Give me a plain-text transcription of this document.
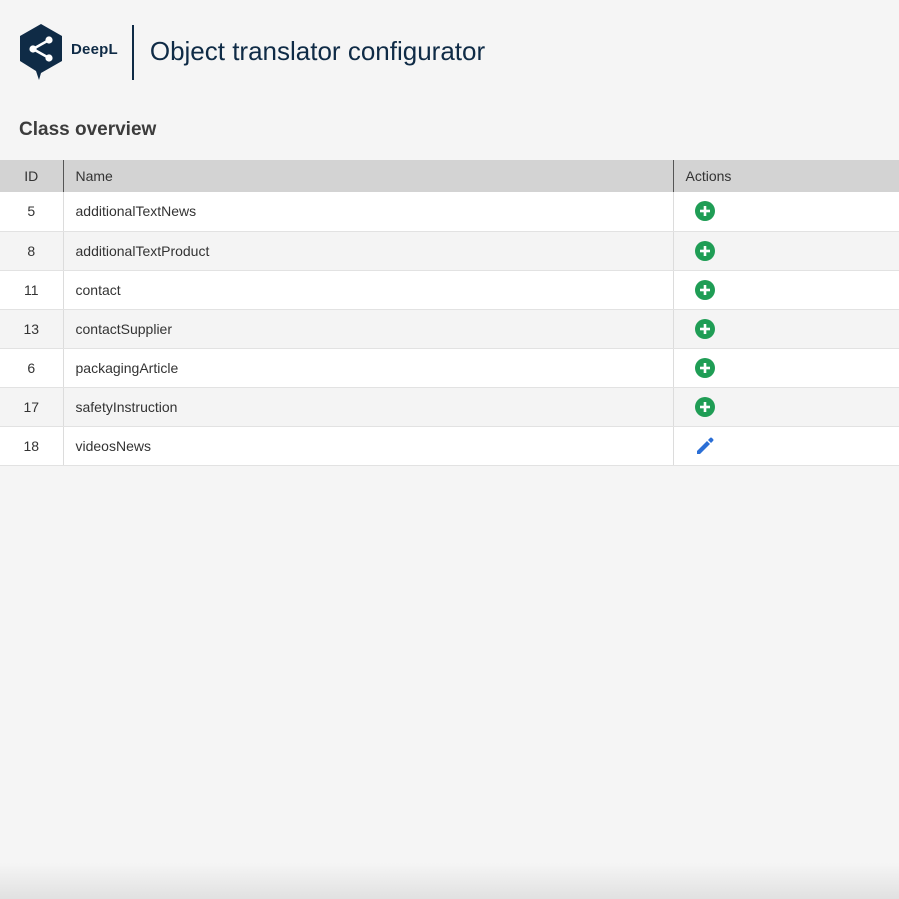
DeepL Object translator configurator
Class overview
ID	Name	Actions
5	additionalTextNews	

8	additionalTextProduct	

11	contact	

13	contactSupplier	

6	packagingArticle	

17	safetyInstruction	

18	videosNews	
